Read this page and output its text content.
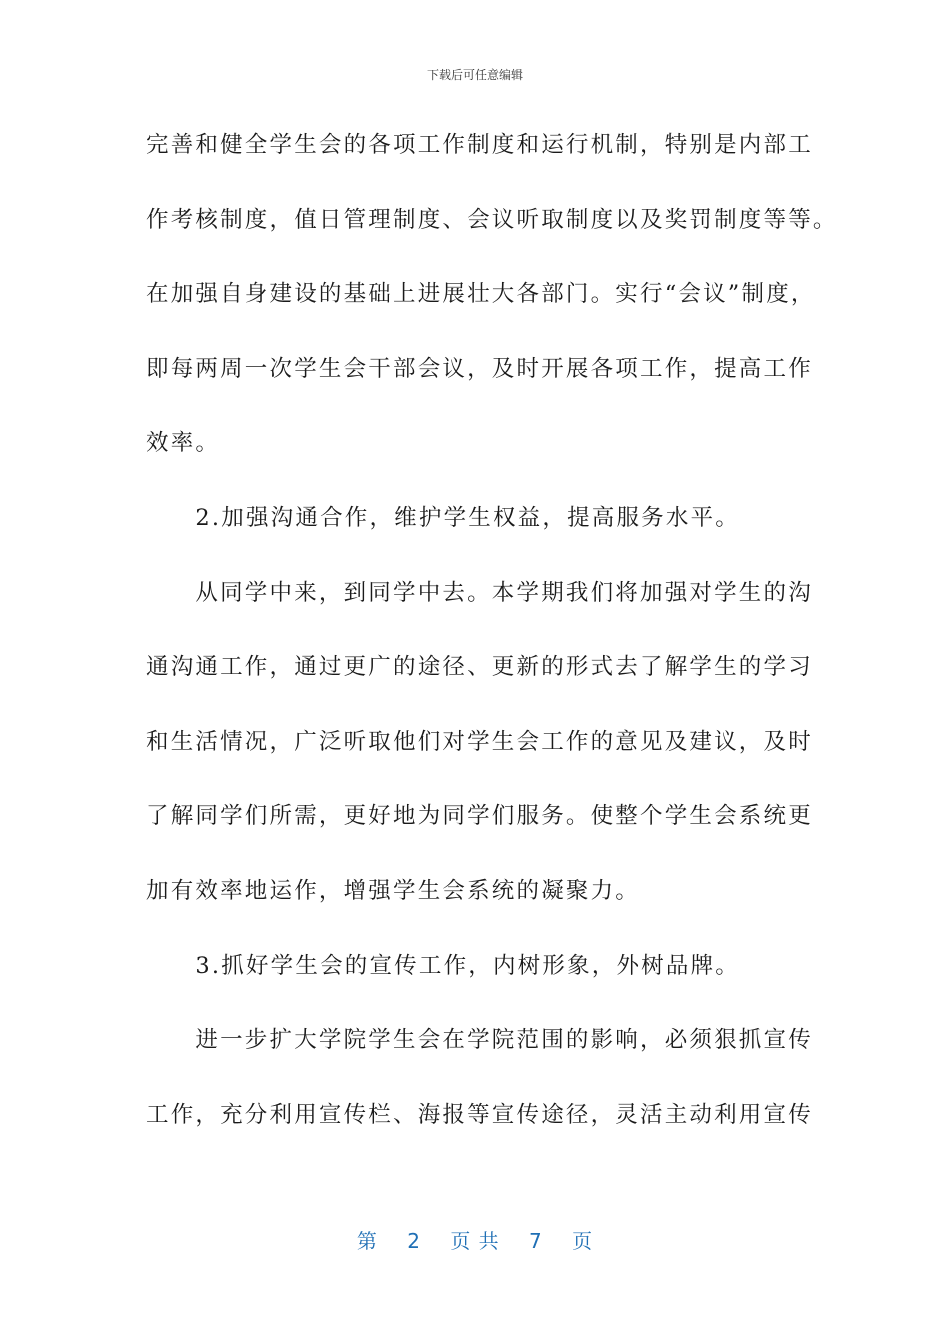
下载后可任意编辑
完善和健全学生会的各项工作制度和运行机制，特别是内部工
作考核制度，值日管理制度、会议听取制度以及奖罚制度等等。
在加强自身建设的基础上进展壮大各部门。实行“会议”制度，
即每两周一次学生会干部会议，及时开展各项工作，提高工作
效率。
　　2.加强沟通合作，维护学生权益，提高服务水平。
　　从同学中来，到同学中去。本学期我们将加强对学生的沟
通沟通工作，通过更广的途径、更新的形式去了解学生的学习
和生活情况，广泛听取他们对学生会工作的意见及建议，及时
了解同学们所需，更好地为同学们服务。使整个学生会系统更
加有效率地运作，增强学生会系统的凝聚力。
　　3.抓好学生会的宣传工作，内树形象，外树品牌。
　　进一步扩大学院学生会在学院范围的影响，必须狠抓宣传
工作，充分利用宣传栏、海报等宣传途径，灵活主动利用宣传
第 2 页 共 7 页
